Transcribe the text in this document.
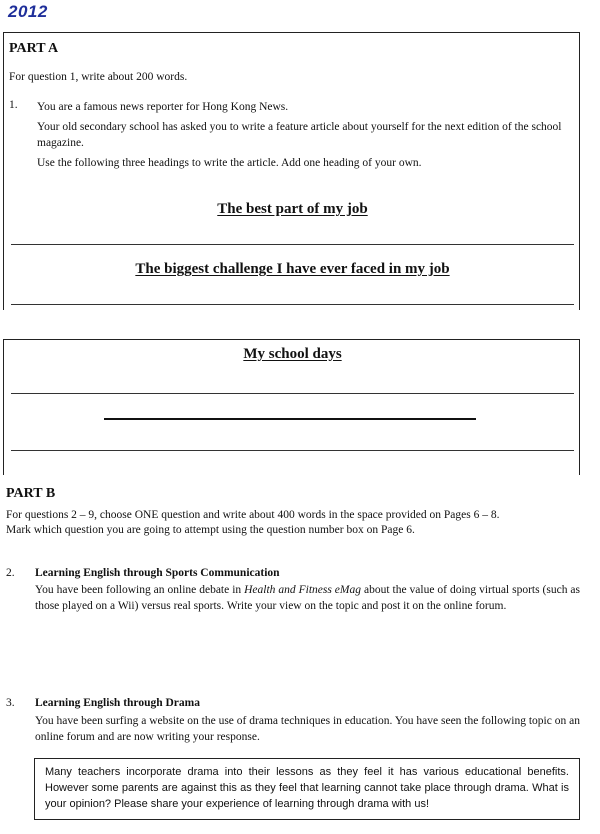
2012

PART A

For question 1, write about 200 words.

1. You are a famous news reporter for Hong Kong News.

Your old secondary school has asked you to write a feature article about yourself for the next edition of the school magazine.

Use the following three headings to write the article. Add one heading of your own.

The best part of my job

The biggest challenge I have ever faced in my job

My school days

PART B

For questions 2 – 9, choose ONE question and write about 400 words in the space provided on Pages 6 – 8.

Mark which question you are going to attempt using the question number box on Page 6.

2. Learning English through Sports Communication

You have been following an online debate in Health and Fitness eMag about the value of doing virtual sports (such as those played on a Wii) versus real sports. Write your view on the topic and post it on the online forum.

3. Learning English through Drama

You have been surfing a website on the use of drama techniques in education. You have seen the following topic on an online forum and are now writing your response.

Many teachers incorporate drama into their lessons as they feel it has various educational benefits. However some parents are against this as they feel that learning cannot take place through drama. What is your opinion? Please share your experience of learning through drama with us!
